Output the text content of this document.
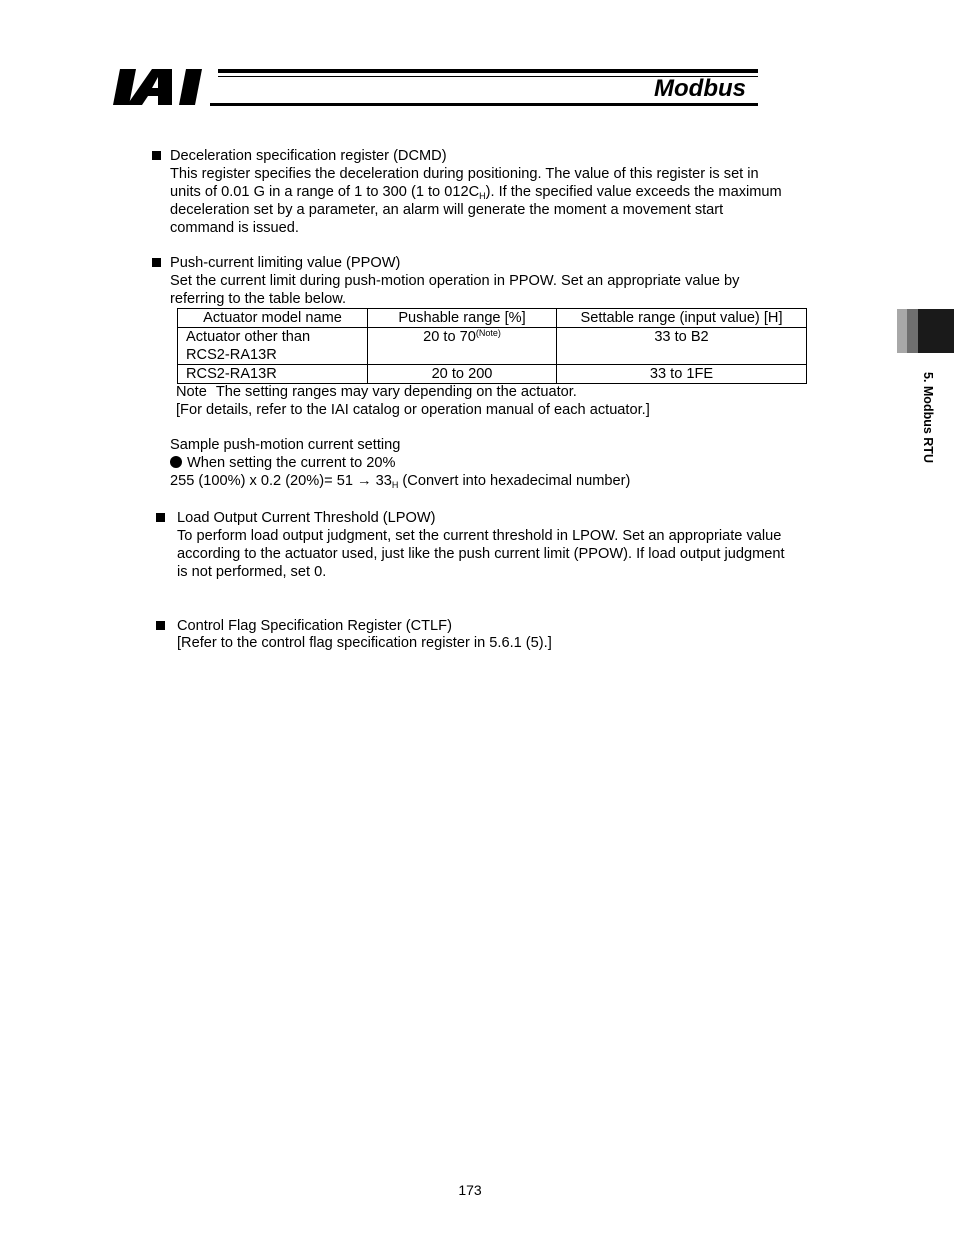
Modbus
5. Modbus RTU
Deceleration specification register (DCMD)
This register specifies the deceleration during positioning. The value of this register is set in
units of 0.01 G in a range of 1 to 300 (1 to $012C_H$). If the specified value exceeds the maximum
deceleration set by a parameter, an alarm will generate the moment a movement start
command is issued.
Push-current limiting value (PPOW)
Set the current limit during push-motion operation in PPOW. Set an appropriate value by
referring to the table below.
Actuator model name	Pushable range [%]	Settable range (input value) [H]

Actuator other than
RCS2-RA13R	20 to $70^{(Note)}$	33 to B2
RCS2-RA13R	20 to 200	33 to 1FE
Note The setting ranges may vary depending on the actuator.
[For details, refer to the IAI catalog or operation manual of each actuator.]
Sample push-motion current setting
When setting the current to 20%
255 (100%) x 0.2 $(20\%)= 51 \to 33_H$ (Convert into hexadecimal number)
Load Output Current Threshold (LPOW)
To perform load output judgment, set the current threshold in LPOW. Set an appropriate value
according to the actuator used, just like the push current limit (PPOW). If load output judgment
is not performed, set 0.
Control Flag Specification Register (CTLF)
[Refer to the control flag specification register in 5.6.1 (5).]
173
